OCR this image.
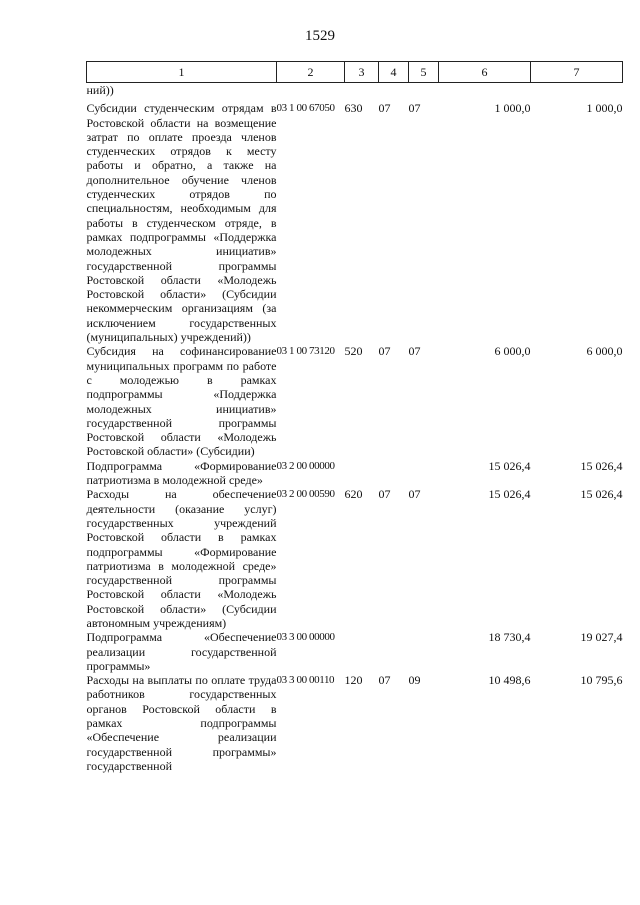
1529
1	2	3	4	5	6	7
ний))						
Субсидии студенческим отрядам в Ростовской области на возмещение затрат по оплате проезда членов студенческих отрядов к месту работы и обратно, а также на дополнительное обучение членов студенческих отрядов по специальностям, необходимым для работы в студенческом отряде, в рамках подпрограммы «Поддержка молодежных инициатив» государственной программы Ростовской области «Молодежь Ростовской области» (Субсидии некоммерческим организациям (за исключением государственных (муниципальных) учреждений))	03 1 00 67050	630	07	07	1 000,0	1 000,0
Субсидия на софинансирование муниципальных программ по работе с молодежью в рамках подпрограммы «Поддержка молодежных инициатив» государственной программы Ростовской области «Молодежь Ростовской области» (Субсидии)	03 1 00 73120	520	07	07	6 000,0	6 000,0
Подпрограмма «Формирование патриотизма в молодежной среде»	03 2 00 00000				15 026,4	15 026,4
Расходы на обеспечение деятельности (оказание услуг) государственных учреждений Ростовской области в рамках подпрограммы «Формирование патриотизма в молодежной среде» государственной программы Ростовской области «Молодежь Ростовской области» (Субсидии автономным учреждениям)	03 2 00 00590	620	07	07	15 026,4	15 026,4
Подпрограмма «Обеспечение реализации государственной программы»	03 3 00 00000				18 730,4	19 027,4
Расходы на выплаты по оплате труда работников государственных органов Ростовской области в рамках подпрограммы «Обеспечение реализации государственной программы» государственной	03 3 00 00110	120	07	09	10 498,6	10 795,6
